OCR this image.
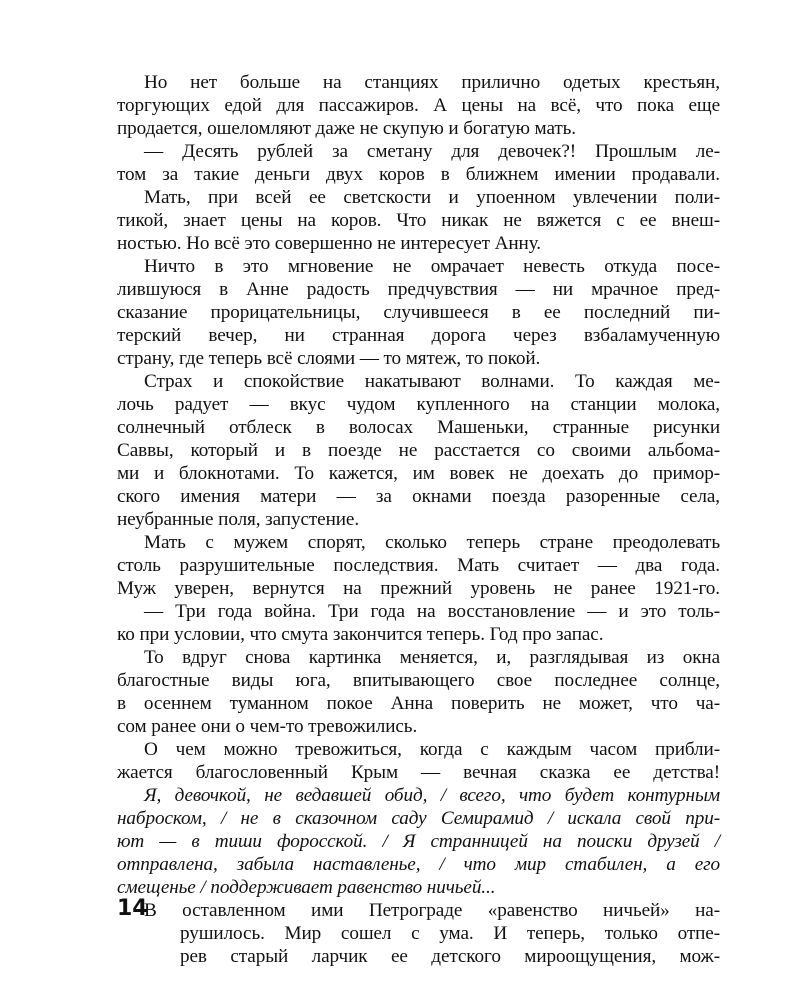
Но нет больше на станциях прилично одетых крестьян,
торгующих едой для пассажиров. А цены на всё, что пока еще
продается, ошеломляют даже не скупую и богатую мать.
— Десять рублей за сметану для девочек?! Прошлым ле-
том за такие деньги двух коров в ближнем имении продавали.
Мать, при всей ее светскости и упоенном увлечении поли-
тикой, знает цены на коров. Что никак не вяжется с ее внеш-
ностью. Но всё это совершенно не интересует Анну.
Ничто в это мгновение не омрачает невесть откуда посе-
лившуюся в Анне радость предчувствия — ни мрачное пред-
сказание прорицательницы, случившееся в ее последний пи-
терский вечер, ни странная дорога через взбаламученную
страну, где теперь всё слоями — то мятеж, то покой.
Страх и спокойствие накатывают волнами. То каждая ме-
лочь радует — вкус чудом купленного на станции молока,
солнечный отблеск в волосах Машеньки, странные рисунки
Саввы, который и в поезде не расстается со своими альбома-
ми и блокнотами. То кажется, им вовек не доехать до примор-
ского имения матери — за окнами поезда разоренные села,
неубранные поля, запустение.
Мать с мужем спорят, сколько теперь стране преодолевать
столь разрушительные последствия. Мать считает — два года.
Муж уверен, вернутся на прежний уровень не ранее 1921-го.
— Три года война. Три года на восстановление — и это толь-
ко при условии, что смута закончится теперь. Год про запас.
То вдруг снова картинка меняется, и, разглядывая из окна
благостные виды юга, впитывающего свое последнее солнце,
в осеннем туманном покое Анна поверить не может, что ча-
сом ранее они о чем-то тревожились.
О чем можно тревожиться, когда с каждым часом прибли-
жается благословенный Крым — вечная сказка ее детства!
Я, девочкой, не ведавшей обид, / всего, что будет контурным
наброском, / не в сказочном саду Семирамид / искала свой при-
ют — в тиши форосской. / Я странницей на поиски друзей /
отправлена, забыла наставленье, / что мир стабилен, а его
смещенье / поддерживает равенство ничьей...
В оставленном ими Петрограде «равенство ничьей» на-
рушилось. Мир сошел с ума. И теперь, только отпе-
рев старый ларчик ее детского мироощущения, мож-
14
